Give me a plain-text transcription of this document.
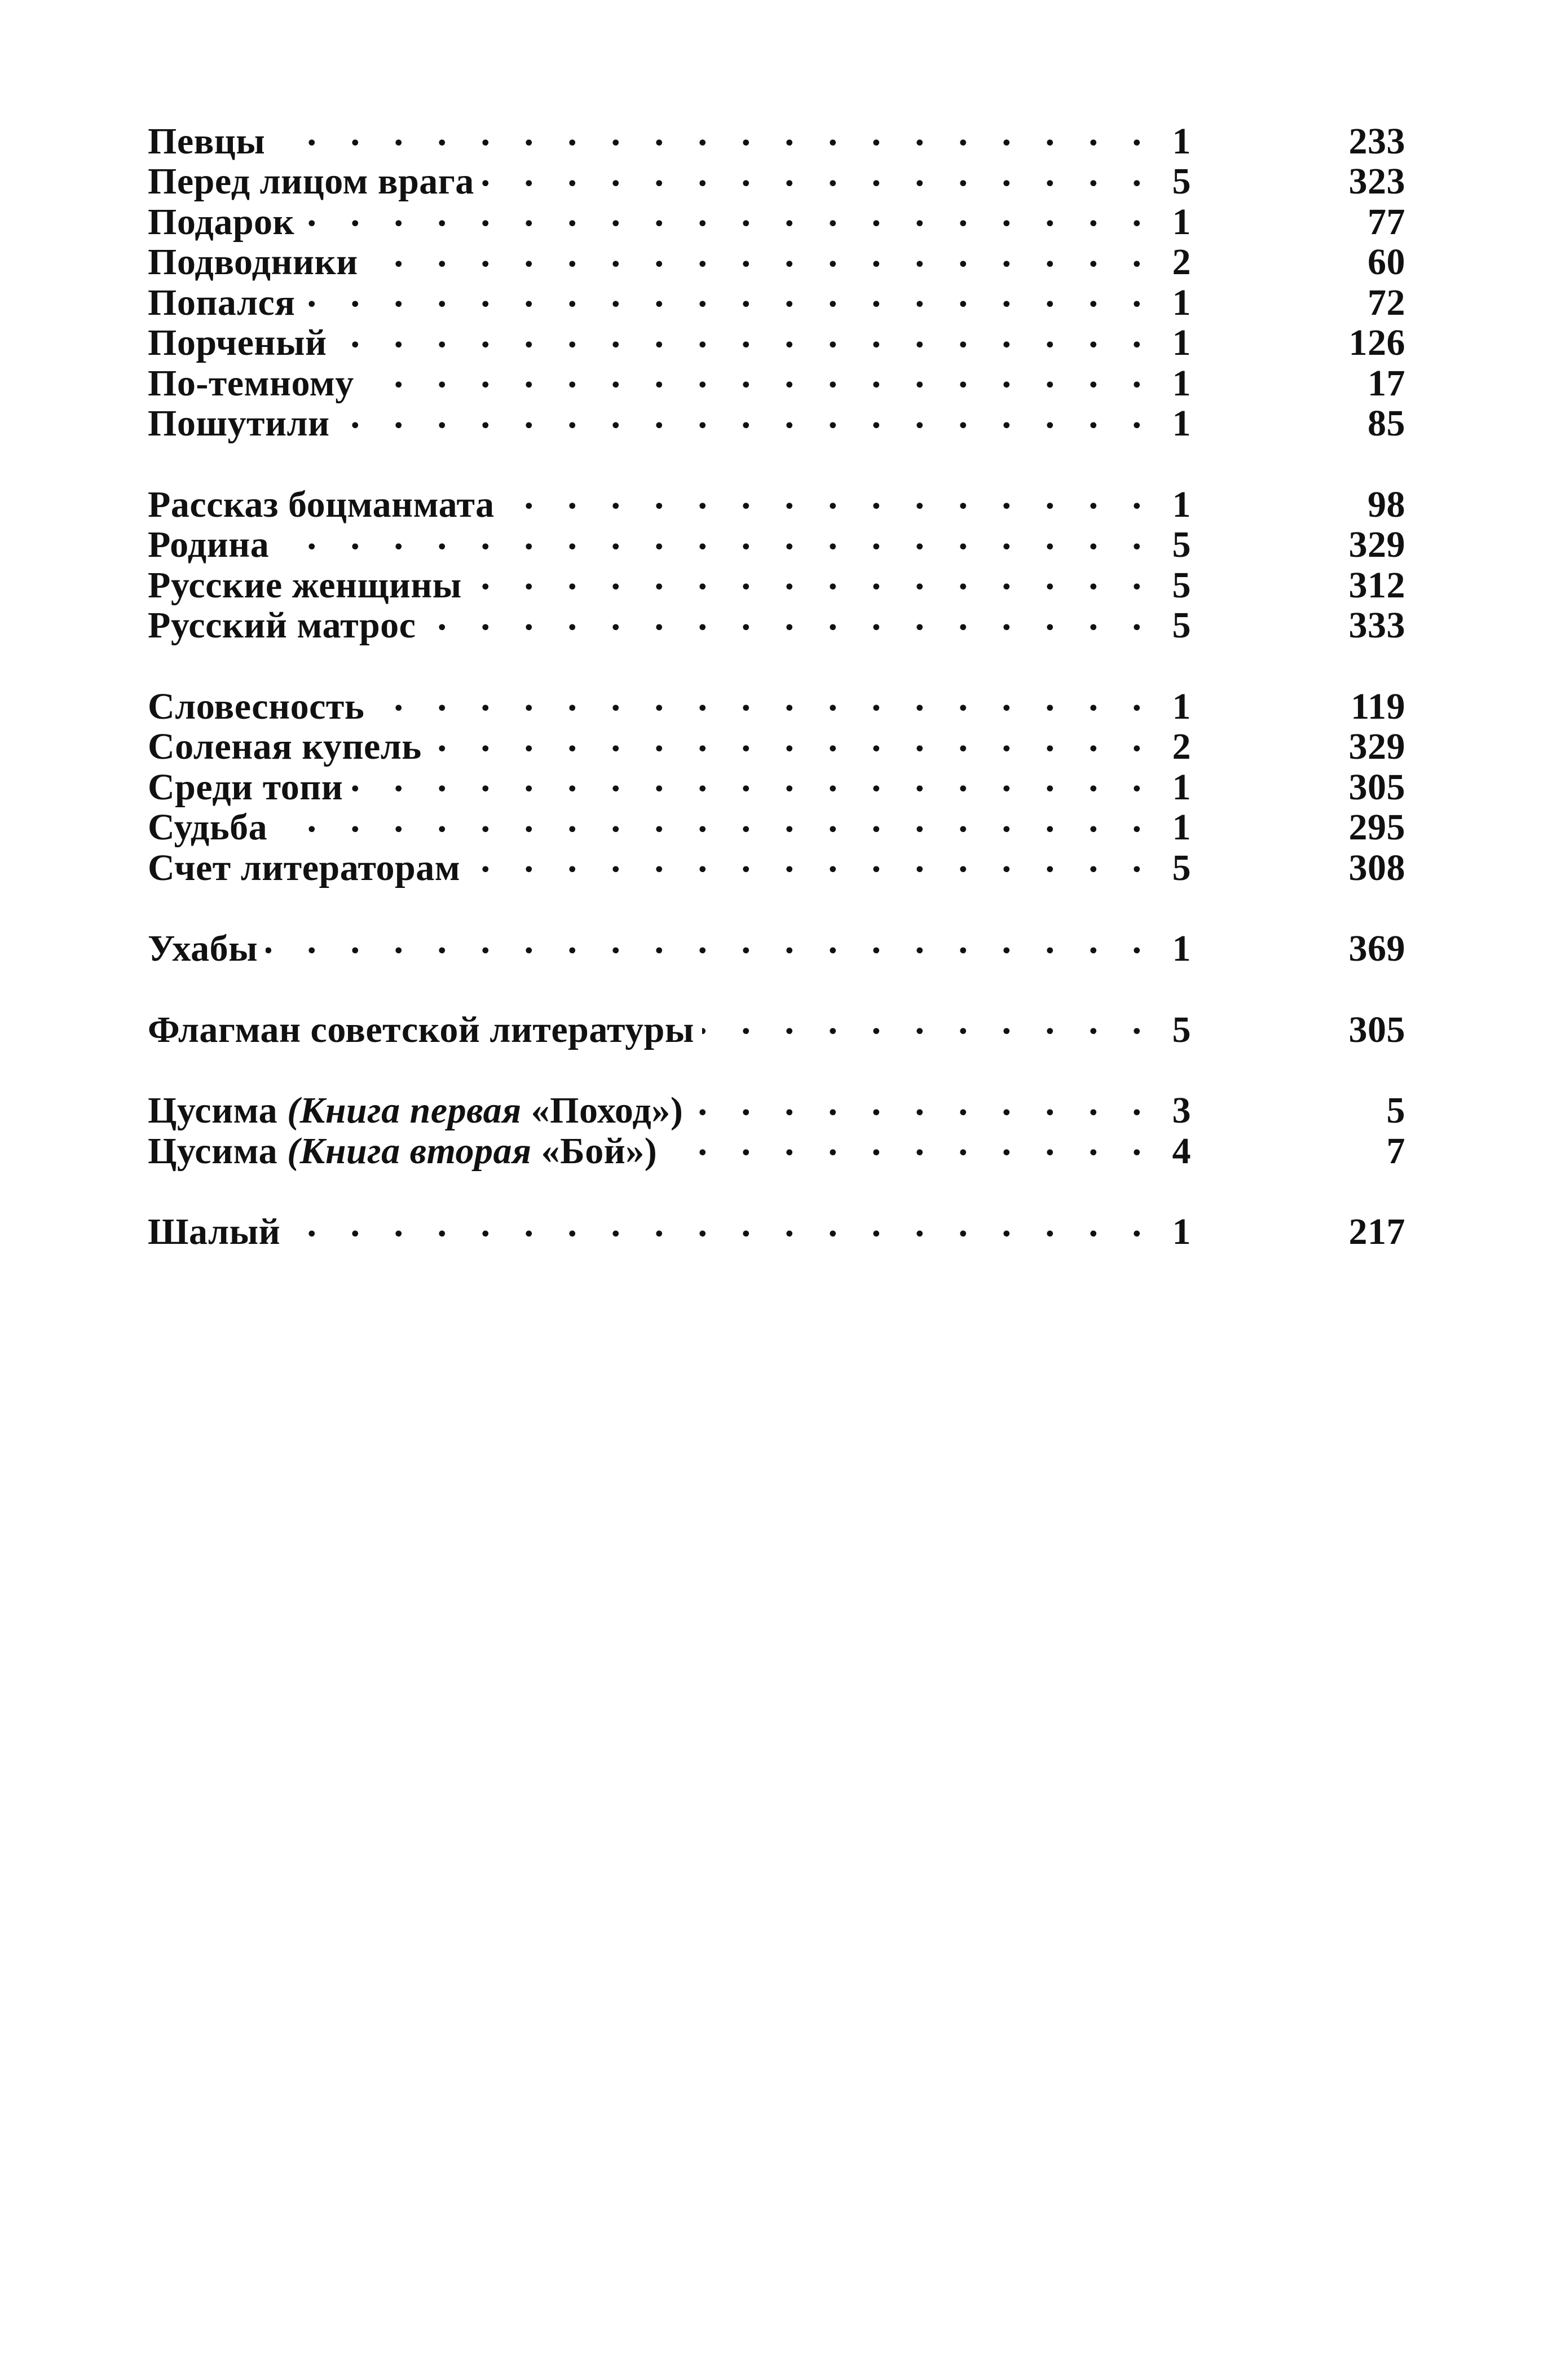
Певцы . . .	1	233
Перед лицом врага . . .	5	323
Подарок . . .	1	77
Подводники . . .	2	60
Попался . . .	1	72
Порченый . . .	1	126
По-темному . . .	1	17
Пошутили . . .	1	85
Рассказ боцманмата . . .	1	98
Родина . . .	5	329
Русские женщины . . .	5	312
Русский матрос . . .	5	333
Словесность . . .	1	119
Соленая купель . . .	2	329
Среди топи . . .	1	305
Судьба . . .	1	295
Счет литераторам . . .	5	308
Ухабы . . .	1	369
Флагман советской литературы . . .	5	305
Цусима (Книга первая «Поход») . . .	3	5
Цусима (Книга вторая «Бой») . . .	4	7
Шалый . . .	1	217
